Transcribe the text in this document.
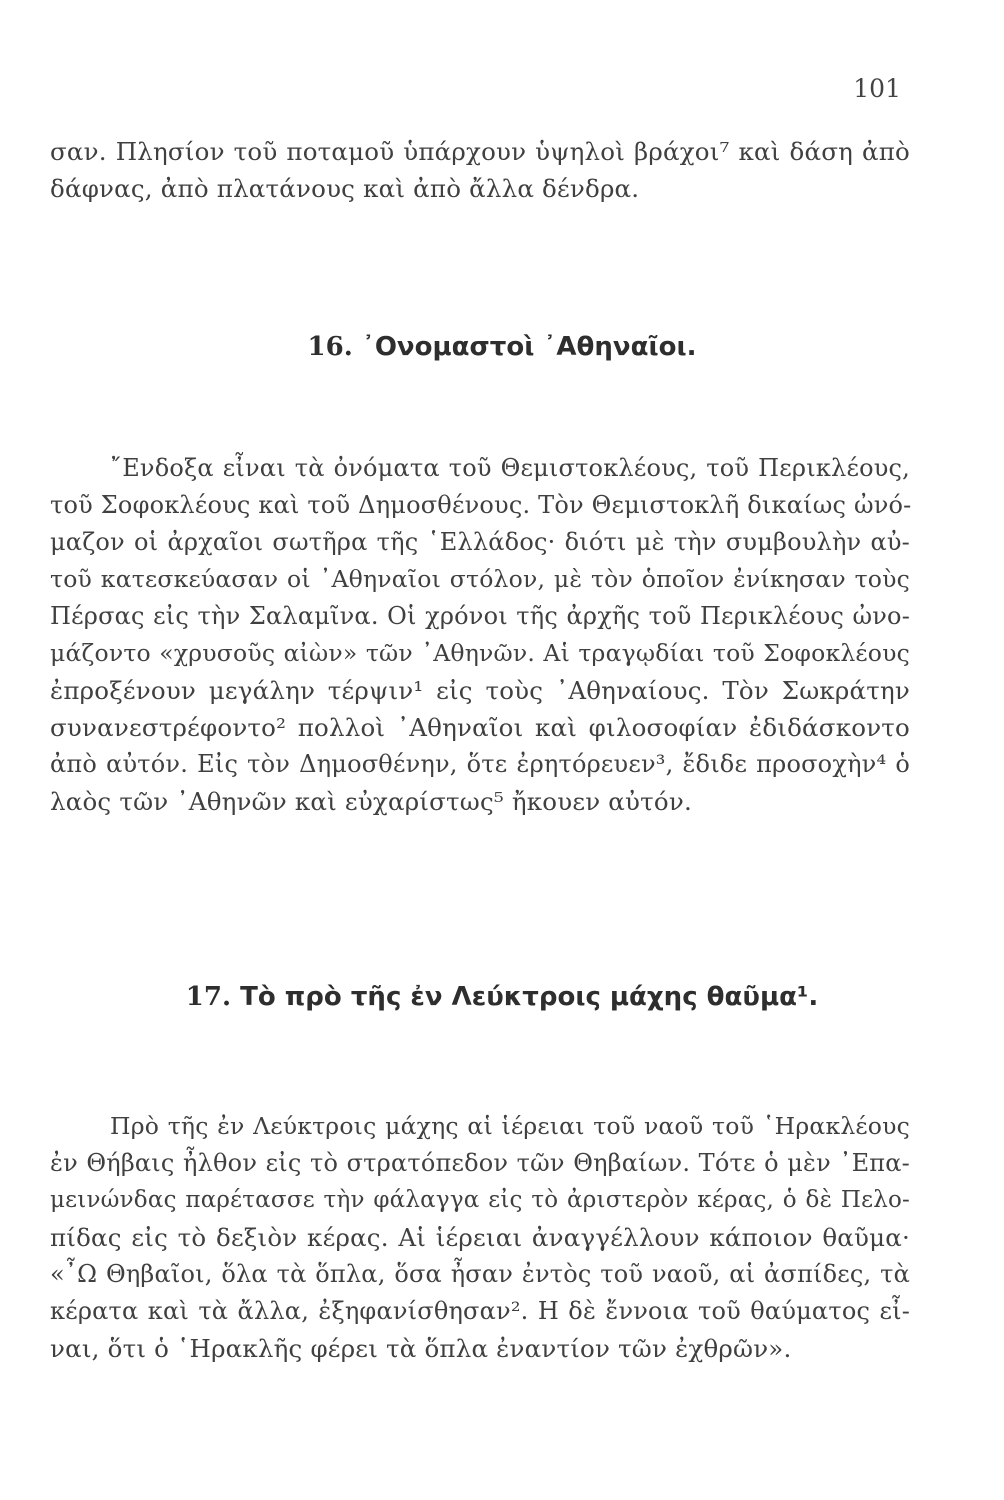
101
σαν. Πλησίον τοῦ ποταμοῦ ὑπάρχουν ὑψηλοὶ βράχοι⁷ καὶ δάση ἀπὸ
δάφνας, ἀπὸ πλατάνους καὶ ἀπὸ ἄλλα δένδρα.
16. ᾿Ονομαστοὶ ᾿Αθηναῖοι.
῎Ενδοξα εἶναι τὰ ὀνόματα τοῦ Θεμιστοκλέους, τοῦ Περικλέους,
τοῦ Σοφοκλέους καὶ τοῦ Δημοσθένους. Τὸν Θεμιστοκλῆ δικαίως ὠνό-
μαζον οἱ ἀρχαῖοι σωτῆρα τῆς ῾Ελλάδος· διότι μὲ τὴν συμβουλὴν αὐ-
τοῦ κατεσκεύασαν οἱ ᾿Αθηναῖοι στόλον, μὲ τὸν ὁποῖον ἐνίκησαν τοὺς
Πέρσας εἰς τὴν Σαλαμῖνα. Οἱ χρόνοι τῆς ἀρχῆς τοῦ Περικλέους ὠνο-
μάζοντο «χρυσοῦς αἰὼν» τῶν ᾿Αθηνῶν. Αἱ τραγῳδίαι τοῦ Σοφοκλέους
ἐπροξένουν μεγάλην τέρψιν¹ εἰς τοὺς ᾿Αθηναίους. Τὸν Σωκράτην
συνανεστρέφοντο² πολλοὶ ᾿Αθηναῖοι καὶ φιλοσοφίαν ἐδιδάσκοντο
ἀπὸ αὐτόν. Εἰς τὸν Δημοσθένην, ὅτε ἐρητόρευεν³, ἔδιδε προσοχὴν⁴ ὁ
λαὸς τῶν ᾿Αθηνῶν καὶ εὐχαρίστως⁵ ἤκουεν αὐτόν.
17. Τὸ πρὸ τῆς ἐν Λεύκτροις μάχης θαῦμα¹.
Πρὸ τῆς ἐν Λεύκτροις μάχης αἱ ἱέρειαι τοῦ ναοῦ τοῦ ῾Ηρακλέους
ἐν Θήβαις ἦλθον εἰς τὸ στρατόπεδον τῶν Θηβαίων. Τότε ὁ μὲν ᾿Επα-
μεινώνδας παρέτασσε τὴν φάλαγγα εἰς τὸ ἀριστερὸν κέρας, ὁ δὲ Πελο-
πίδας εἰς τὸ δεξιὸν κέρας. Αἱ ἱέρειαι ἀναγγέλλουν κάποιον θαῦμα·
«῏Ω Θηβαῖοι, ὅλα τὰ ὅπλα, ὅσα ἦσαν ἐντὸς τοῦ ναοῦ, αἱ ἀσπίδες, τὰ
κέρατα καὶ τὰ ἄλλα, ἐξηφανίσθησαν². Η δὲ ἔννοια τοῦ θαύματος εἶ-
ναι, ὅτι ὁ ῾Ηρακλῆς φέρει τὰ ὅπλα ἐναντίον τῶν ἐχθρῶν».
